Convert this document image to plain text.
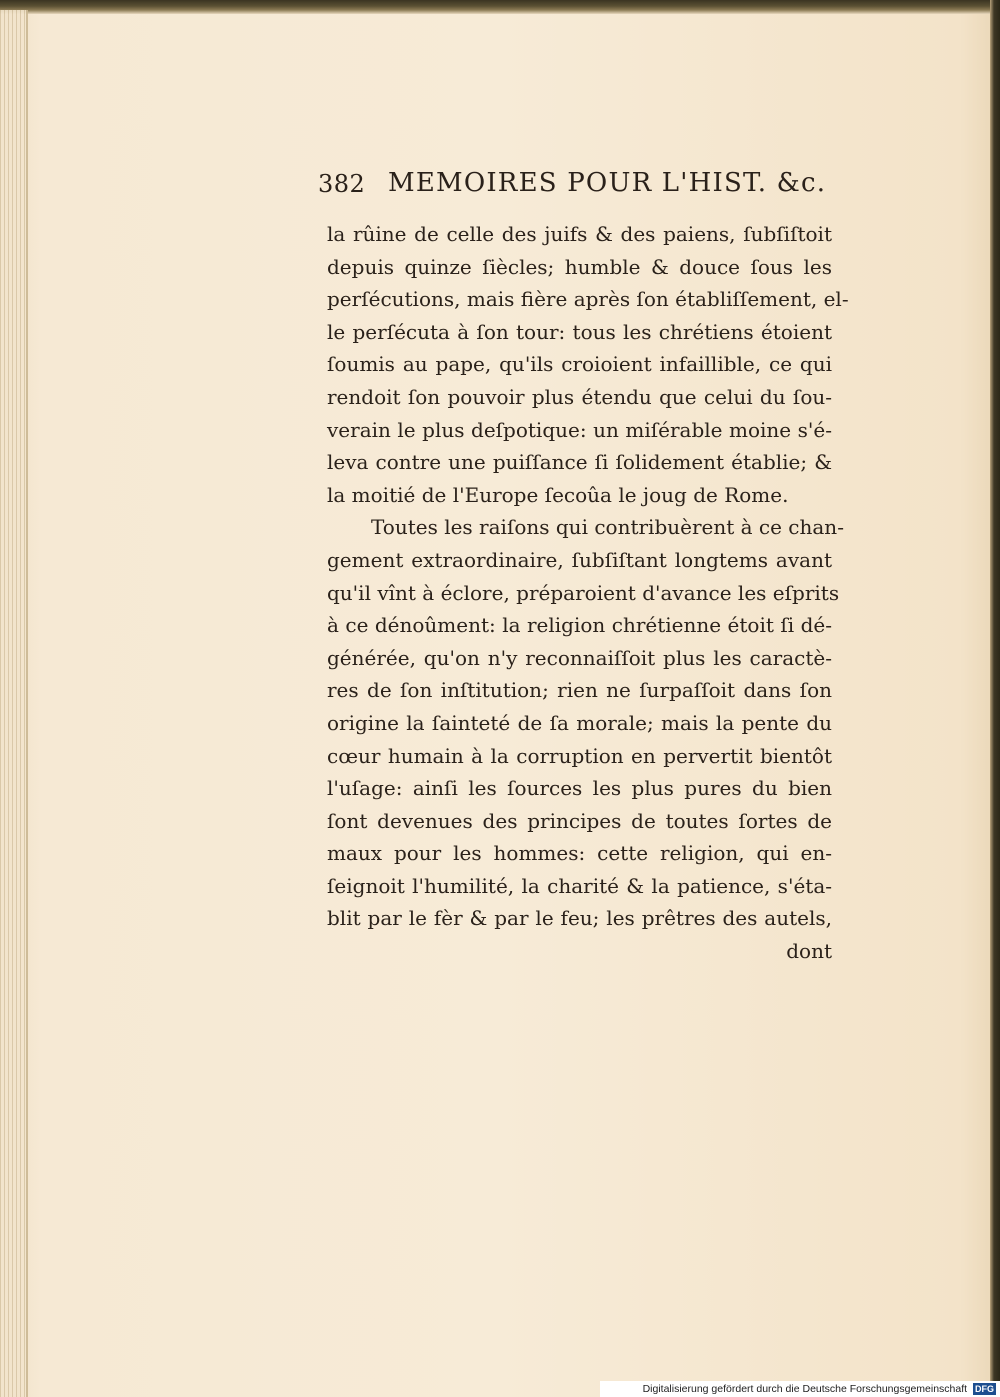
382 MEMOIRES POUR L'HIST. &c.
la rûine de celle des juifs & des paiens, ſubſiſtoit
depuis quinze ſiècles; humble & douce ſous les
perſécutions, mais fière après ſon établiſſement, el-
le perſécuta à ſon tour: tous les chrétiens étoient
ſoumis au pape, qu'ils croioient infaillible, ce qui
rendoit ſon pouvoir plus étendu que celui du ſou-
verain le plus deſpotique: un miſérable moine s'é-
leva contre une puiſſance ſi ſolidement établie; &
la moitié de l'Europe ſecoûa le joug de Rome.
Toutes les raiſons qui contribuèrent à ce chan-
gement extraordinaire, ſubſiſtant longtems avant
qu'il vînt à éclore, préparoient d'avance les eſprits
à ce dénoûment: la religion chrétienne étoit ſi dé-
générée, qu'on n'y reconnaiſſoit plus les caractè-
res de ſon inſtitution; rien ne ſurpaſſoit dans ſon
origine la ſainteté de ſa morale; mais la pente du
cœur humain à la corruption en pervertit bientôt
l'uſage: ainſi les ſources les plus pures du bien
ſont devenues des principes de toutes ſortes de
maux pour les hommes: cette religion, qui en-
ſeignoit l'humilité, la charité & la patience, s'éta-
blit par le fèr & par le feu; les prêtres des autels,
dont
Digitalisierung gefördert durch die Deutsche Forschungsgemeinschaft DFG
